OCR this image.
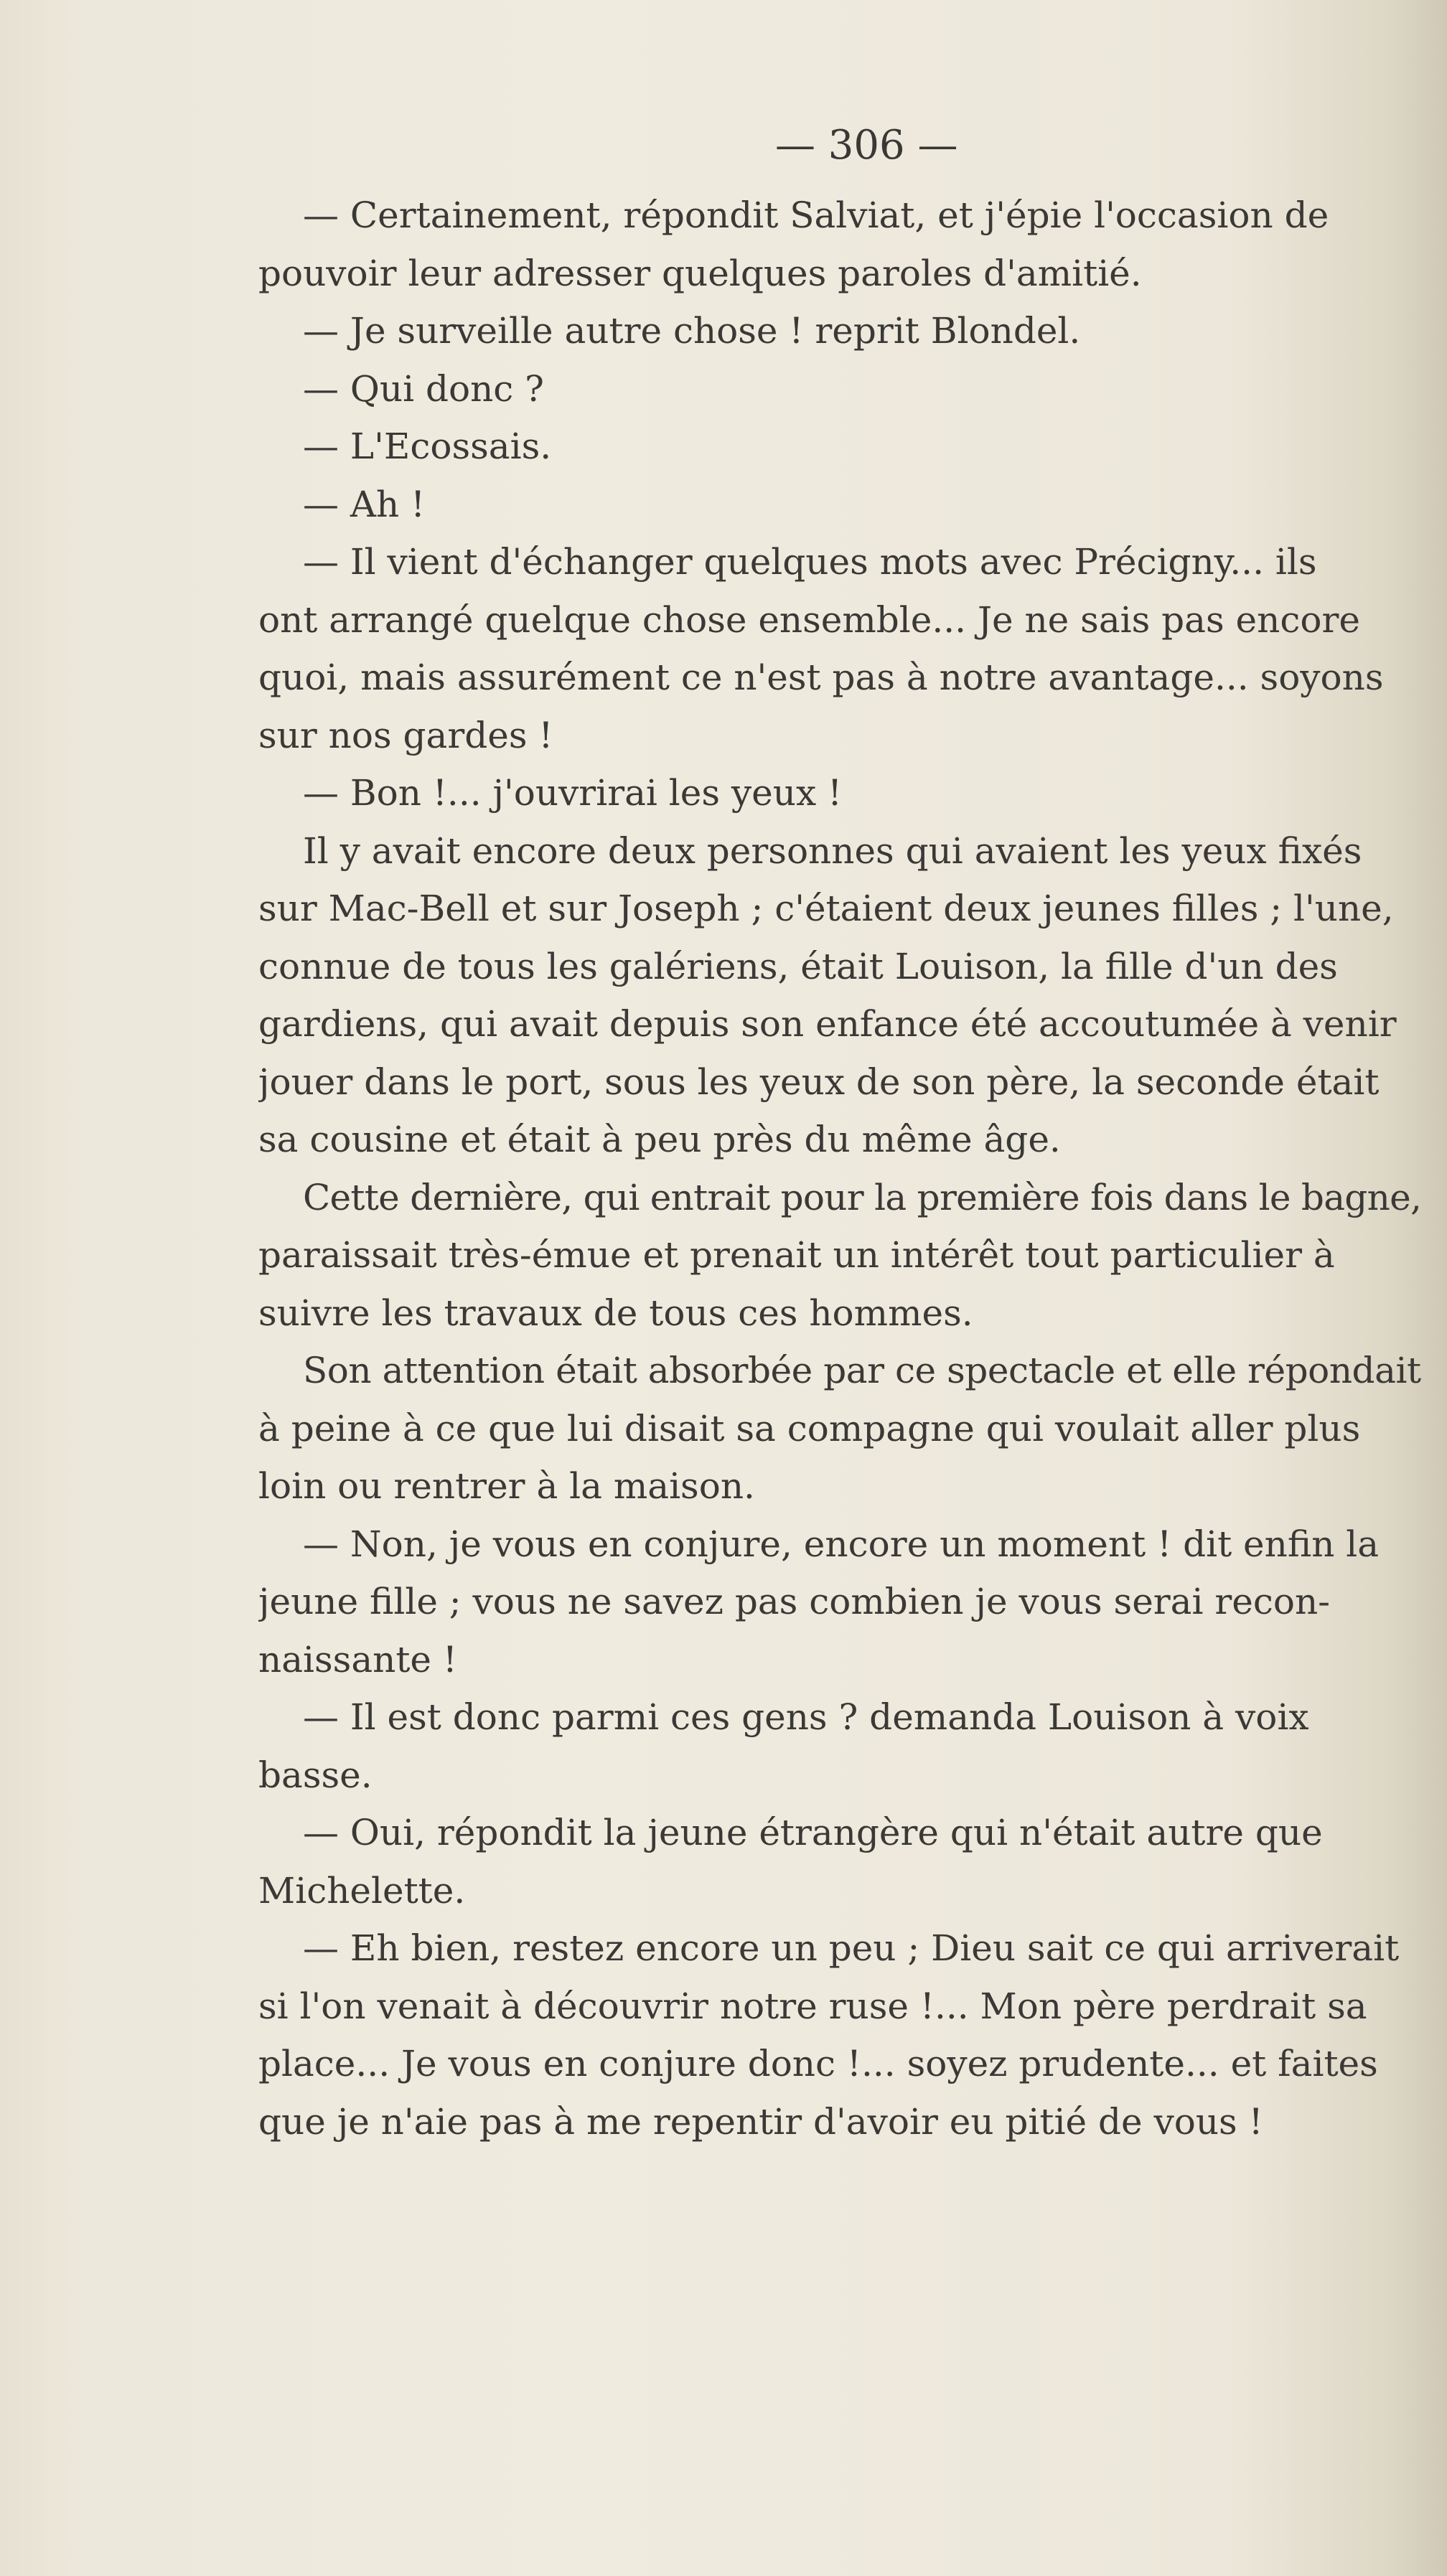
— 306 —
— Certainement, répondit Salviat, et j'épie l'occasion de
pouvoir leur adresser quelques paroles d'amitié.
— Je surveille autre chose ! reprit Blondel.
— Qui donc ?
— L'Ecossais.
— Ah !
— Il vient d'échanger quelques mots avec Précigny... ils
ont arrangé quelque chose ensemble... Je ne sais pas encore
quoi, mais assurément ce n'est pas à notre avantage... soyons
sur nos gardes !
— Bon !... j'ouvrirai les yeux !
Il y avait encore deux personnes qui avaient les yeux fixés
sur Mac-Bell et sur Joseph ; c'étaient deux jeunes filles ; l'une,
connue de tous les galériens, était Louison, la fille d'un des
gardiens, qui avait depuis son enfance été accoutumée à venir
jouer dans le port, sous les yeux de son père, la seconde était
sa cousine et était à peu près du même âge.
Cette dernière, qui entrait pour la première fois dans le bagne,
paraissait très-émue et prenait un intérêt tout particulier à
suivre les travaux de tous ces hommes.
Son attention était absorbée par ce spectacle et elle répondait
à peine à ce que lui disait sa compagne qui voulait aller plus
loin ou rentrer à la maison.
— Non, je vous en conjure, encore un moment ! dit enfin la
jeune fille ; vous ne savez pas combien je vous serai recon-
naissante !
— Il est donc parmi ces gens ? demanda Louison à voix
basse.
— Oui, répondit la jeune étrangère qui n'était autre que
Michelette.
— Eh bien, restez encore un peu ; Dieu sait ce qui arriverait
si l'on venait à découvrir notre ruse !... Mon père perdrait sa
place... Je vous en conjure donc !... soyez prudente... et faites
que je n'aie pas à me repentir d'avoir eu pitié de vous !
